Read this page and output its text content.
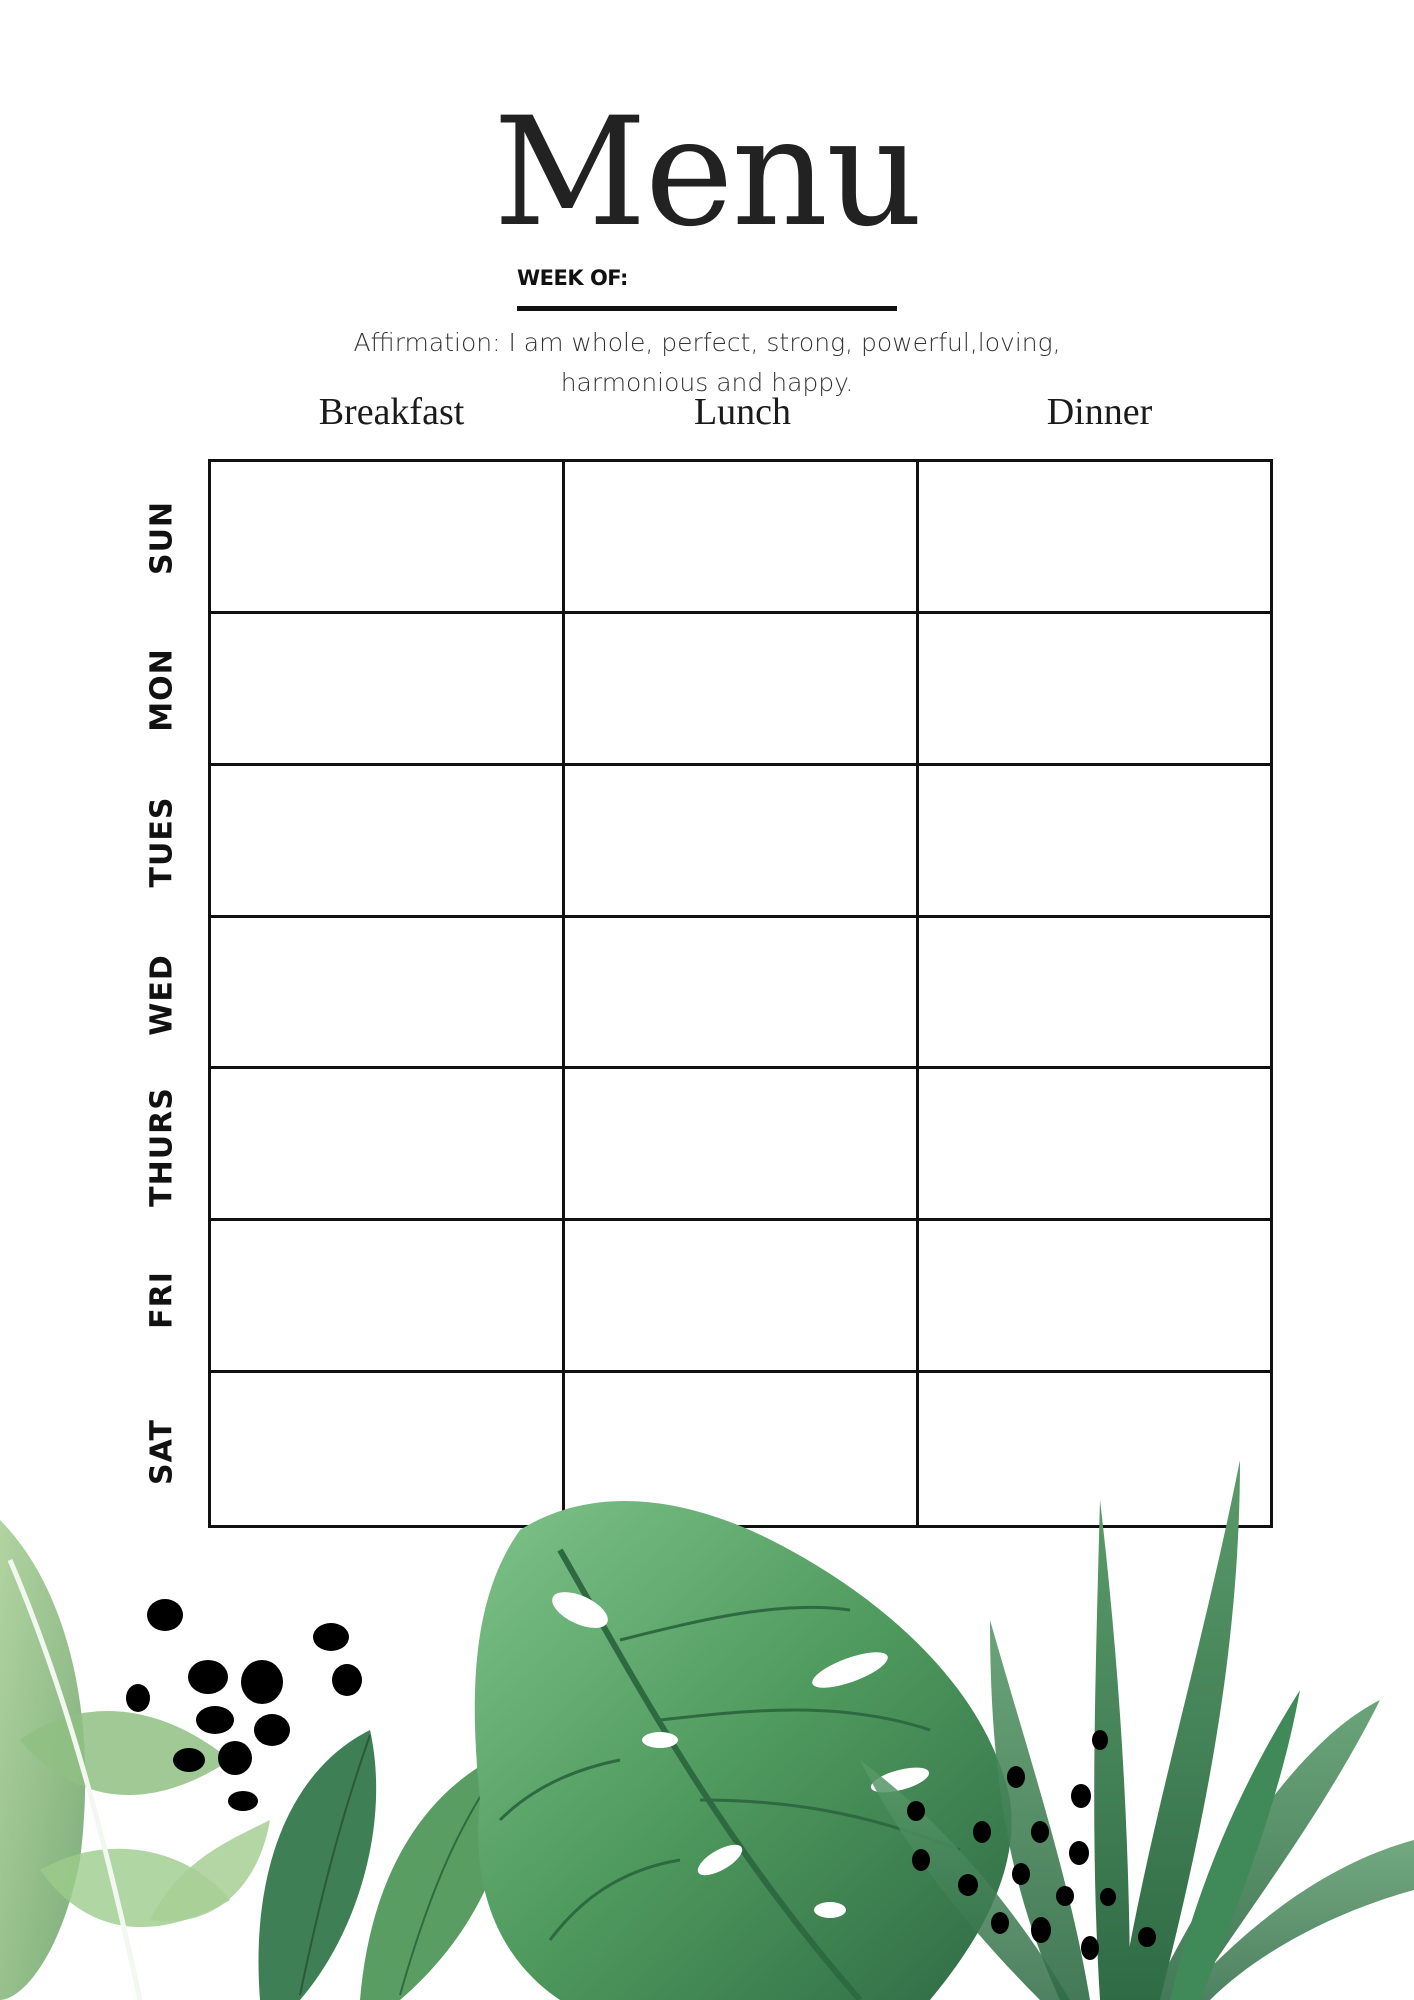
Menu
WEEK OF:
Affirmation: I am whole, perfect, strong, powerful,loving, harmonious and happy.
Breakfast	Lunch	Dinner
SUN
MON
TUES
WED
THURS
FRI
SAT
